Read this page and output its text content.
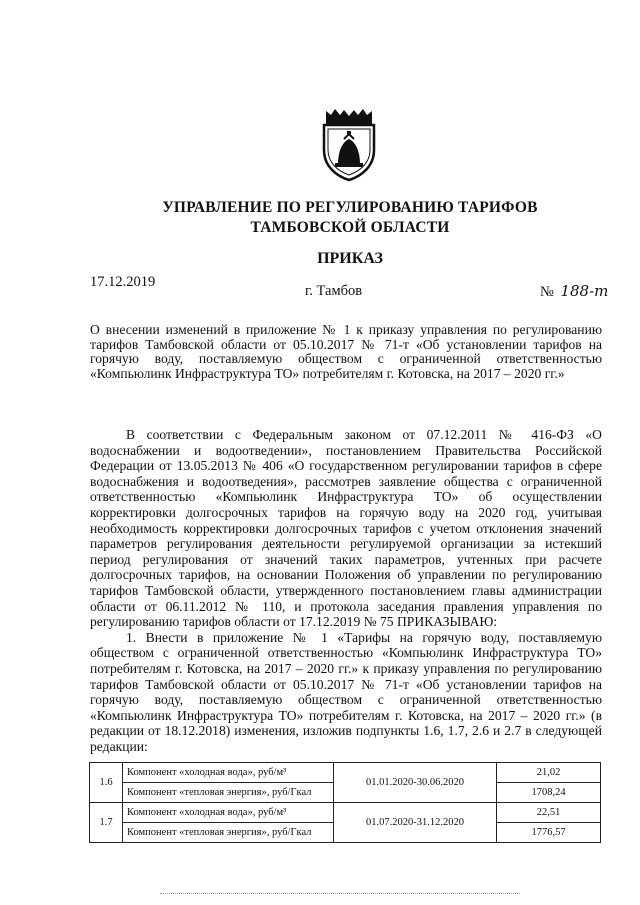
УПРАВЛЕНИЕ ПО РЕГУЛИРОВАНИЮ ТАРИФОВ
ТАМБОВСКОЙ ОБЛАСТИ
ПРИКАЗ
17.12.2019
г. Тамбов	№ 188-т
О внесении изменений в приложение № 1 к приказу управления по регулированию тарифов Тамбовской области от 05.10.2017 № 71-т «Об установлении тарифов на горячую воду, поставляемую обществом с ограниченной ответственностью «Компьюлинк Инфраструктура ТО» потребителям г. Котовска, на 2017 – 2020 гг.»

В соответствии с Федеральным законом от 07.12.2011 № 416-ФЗ «О водоснабжении и водоотведении», постановлением Правительства Российской Федерации от 13.05.2013 № 406 «О государственном регулировании тарифов в сфере водоснабжения и водоотведения», рассмотрев заявление общества с ограниченной ответственностью «Компьюлинк Инфраструктура ТО» об осуществлении корректировки долгосрочных тарифов на горячую воду на 2020 год, учитывая необходимость корректировки долгосрочных тарифов с учетом отклонения значений параметров регулирования деятельности регулируемой организации за истекший период регулирования от значений таких параметров, учтенных при расчете долгосрочных тарифов, на основании Положения об управлении по регулированию тарифов Тамбовской области, утвержденного постановлением главы администрации области от 06.11.2012 № 110, и протокола заседания правления управления по регулированию тарифов области от 17.12.2019 № 75 ПРИКАЗЫВАЮ:

1. Внести в приложение № 1 «Тарифы на горячую воду, поставляемую обществом с ограниченной ответственностью «Компьюлинк Инфраструктура ТО» потребителям г. Котовска, на 2017 – 2020 гг.» к приказу управления по регулированию тарифов Тамбовской области от 05.10.2017 № 71-т «Об установлении тарифов на горячую воду, поставляемую обществом с ограниченной ответственностью «Компьюлинк Инфраструктура ТО» потребителям г. Котовска, на 2017 – 2020 гг.» (в редакции от 18.12.2018) изменения, изложив подпункты 1.6, 1.7, 2.6 и 2.7 в следующей редакции:

1.6	Компонент «холодная вода», руб/м³	01.01.2020-30.06.2020	21,02
	Компонент «тепловая энергия», руб/Гкал		1708,24
1.7	Компонент «холодная вода», руб/м³	01.07.2020-31.12.2020	22,51
	Компонент «тепловая энергия», руб/Гкал		1776,57
